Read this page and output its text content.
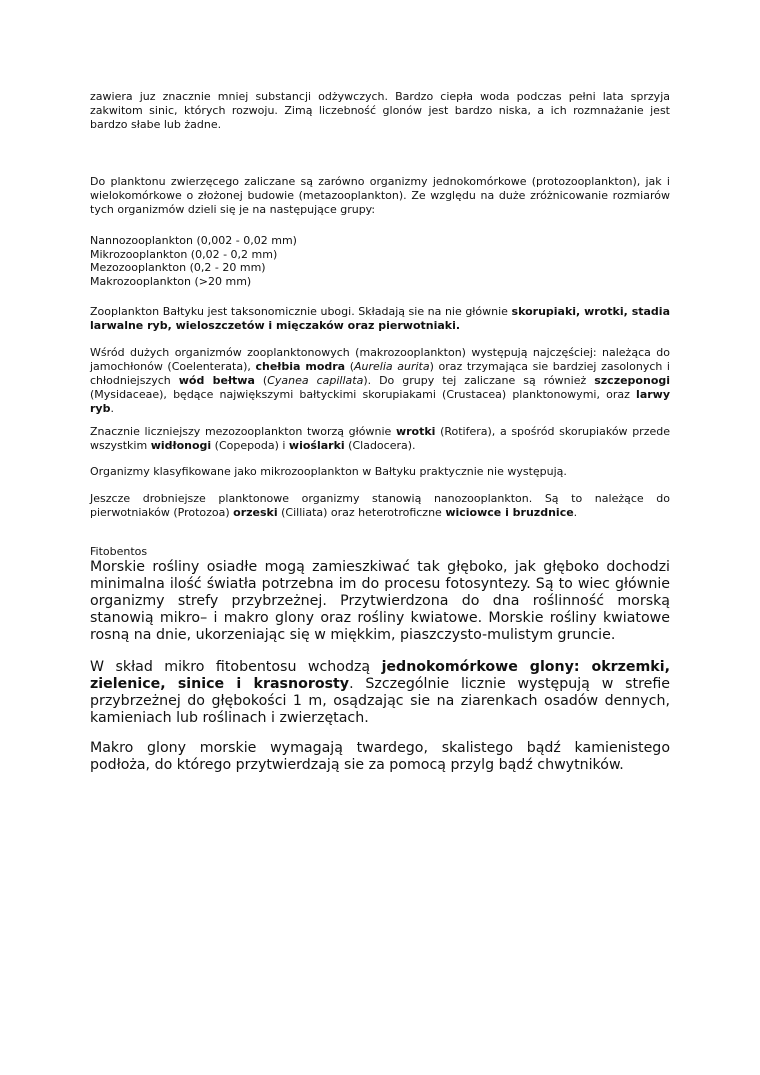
zawiera juz znacznie mniej substancji odżywczych. Bardzo ciepła woda podczas pełni lata sprzyja zakwitom sinic, których rozwoju. Zimą liczebność glonów jest bardzo niska, a ich rozmnażanie jest bardzo słabe lub żadne.

Do planktonu zwierzęcego zaliczane są zarówno organizmy jednokomórkowe (protozooplankton), jak i wielokomórkowe o złożonej budowie (metazooplankton). Ze względu na duże zróżnicowanie rozmiarów tych organizmów dzieli się je na następujące grupy:

Nannozooplankton (0,002 - 0,02 mm)
Mikrozooplankton (0,02 - 0,2 mm)
Mezozooplankton (0,2 - 20 mm)
Makrozooplankton (>20 mm)

Zooplankton Bałtyku jest taksonomicznie ubogi. Składają sie na nie głównie skorupiaki, wrotki, stadia larwalne ryb, wieloszczetów i mięczaków oraz pierwotniaki.

Wśród dużych organizmów zooplanktonowych (makrozooplankton) występują najczęściej: należąca do jamochłonów (Coelenterata), chełbia modra (Aurelia aurita) oraz trzymająca sie bardziej zasolonych i chłodniejszych wód bełtwa (Cyanea capillata). Do grupy tej zaliczane są również szczeponogi (Mysidaceae), będące największymi bałtyckimi skorupiakami (Crustacea) planktonowymi, oraz larwy ryb.

Znacznie liczniejszy mezozooplankton tworzą głównie wrotki (Rotifera), a spośród skorupiaków przede wszystkim widłonogi (Copepoda) i wioślarki (Cladocera).

Organizmy klasyfikowane jako mikrozooplankton w Bałtyku praktycznie nie występują.

Jeszcze drobniejsze planktonowe organizmy stanowią nanozooplankton. Są to należące do pierwotniaków (Protozoa) orzeski (Cilliata) oraz heterotroficzne wiciowce i bruzdnice.

Fitobentos

Morskie rośliny osiadłe mogą zamieszkiwać tak głęboko, jak głęboko dochodzi minimalna ilość światła potrzebna im do procesu fotosyntezy. Są to wiec głównie organizmy strefy przybrzeżnej. Przytwierdzona do dna roślinność morską stanowią mikro– i makro glony oraz rośliny kwiatowe. Morskie rośliny kwiatowe rosną na dnie, ukorzeniając się w miękkim, piaszczysto-mulistym gruncie.

W skład mikro fitobentosu wchodzą jednokomórkowe glony: okrzemki, zielenice, sinice i krasnorosty. Szczególnie licznie występują w strefie przybrzeżnej do głębokości 1 m, osądzając sie na ziarenkach osadów dennych, kamieniach lub roślinach i zwierzętach.

Makro glony morskie wymagają twardego, skalistego bądź kamienistego podłoża, do którego przytwierdzają sie za pomocą przylg bądź chwytników.
